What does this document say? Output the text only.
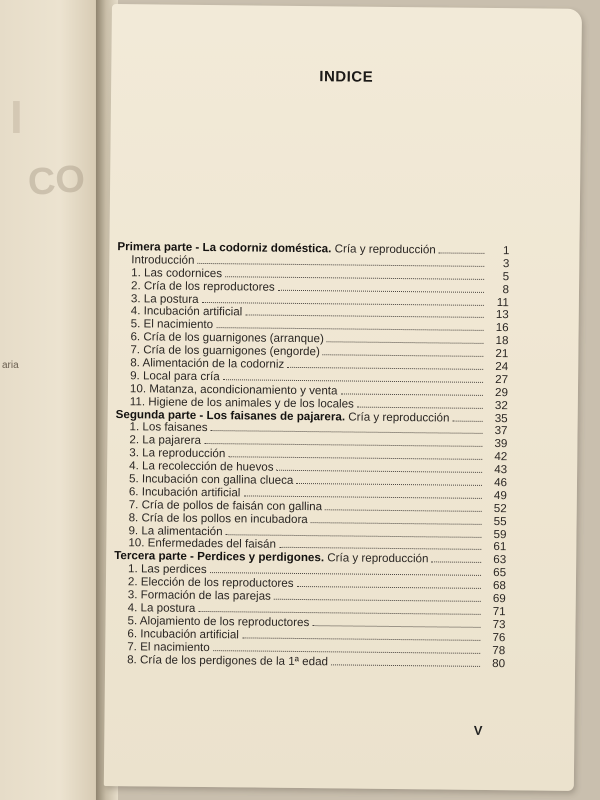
I
CO
aria
INDICE
Primera parte - La codorniz doméstica. Cría y reproducción	1
Introducción	3
1. Las codornices	5
2. Cría de los reproductores	8
3. La postura	11
4. Incubación artificial	13
5. El nacimiento	16
6. Cría de los guarnigones (arranque)	18
7. Cría de los guarnigones (engorde)	21
8. Alimentación de la codorniz	24
9. Local para cría	27
10. Matanza, acondicionamiento y venta	29
11. Higiene de los animales y de los locales	32
Segunda parte - Los faisanes de pajarera. Cría y reproducción	35
1. Los faisanes	37
2. La pajarera	39
3. La reproducción	42
4. La recolección de huevos	43
5. Incubación con gallina clueca	46
6. Incubación artificial	49
7. Cría de pollos de faisán con gallina	52
8. Cría de los pollos en incubadora	55
9. La alimentación	59
10. Enfermedades del faisán	61
Tercera parte - Perdices y perdigones. Cría y reproducción	63
1. Las perdices	65
2. Elección de los reproductores	68
3. Formación de las parejas	69
4. La postura	71
5. Alojamiento de los reproductores	73
6. Incubación artificial	76
7. El nacimiento	78
8. Cría de los perdigones de la 1ª edad	80
V
